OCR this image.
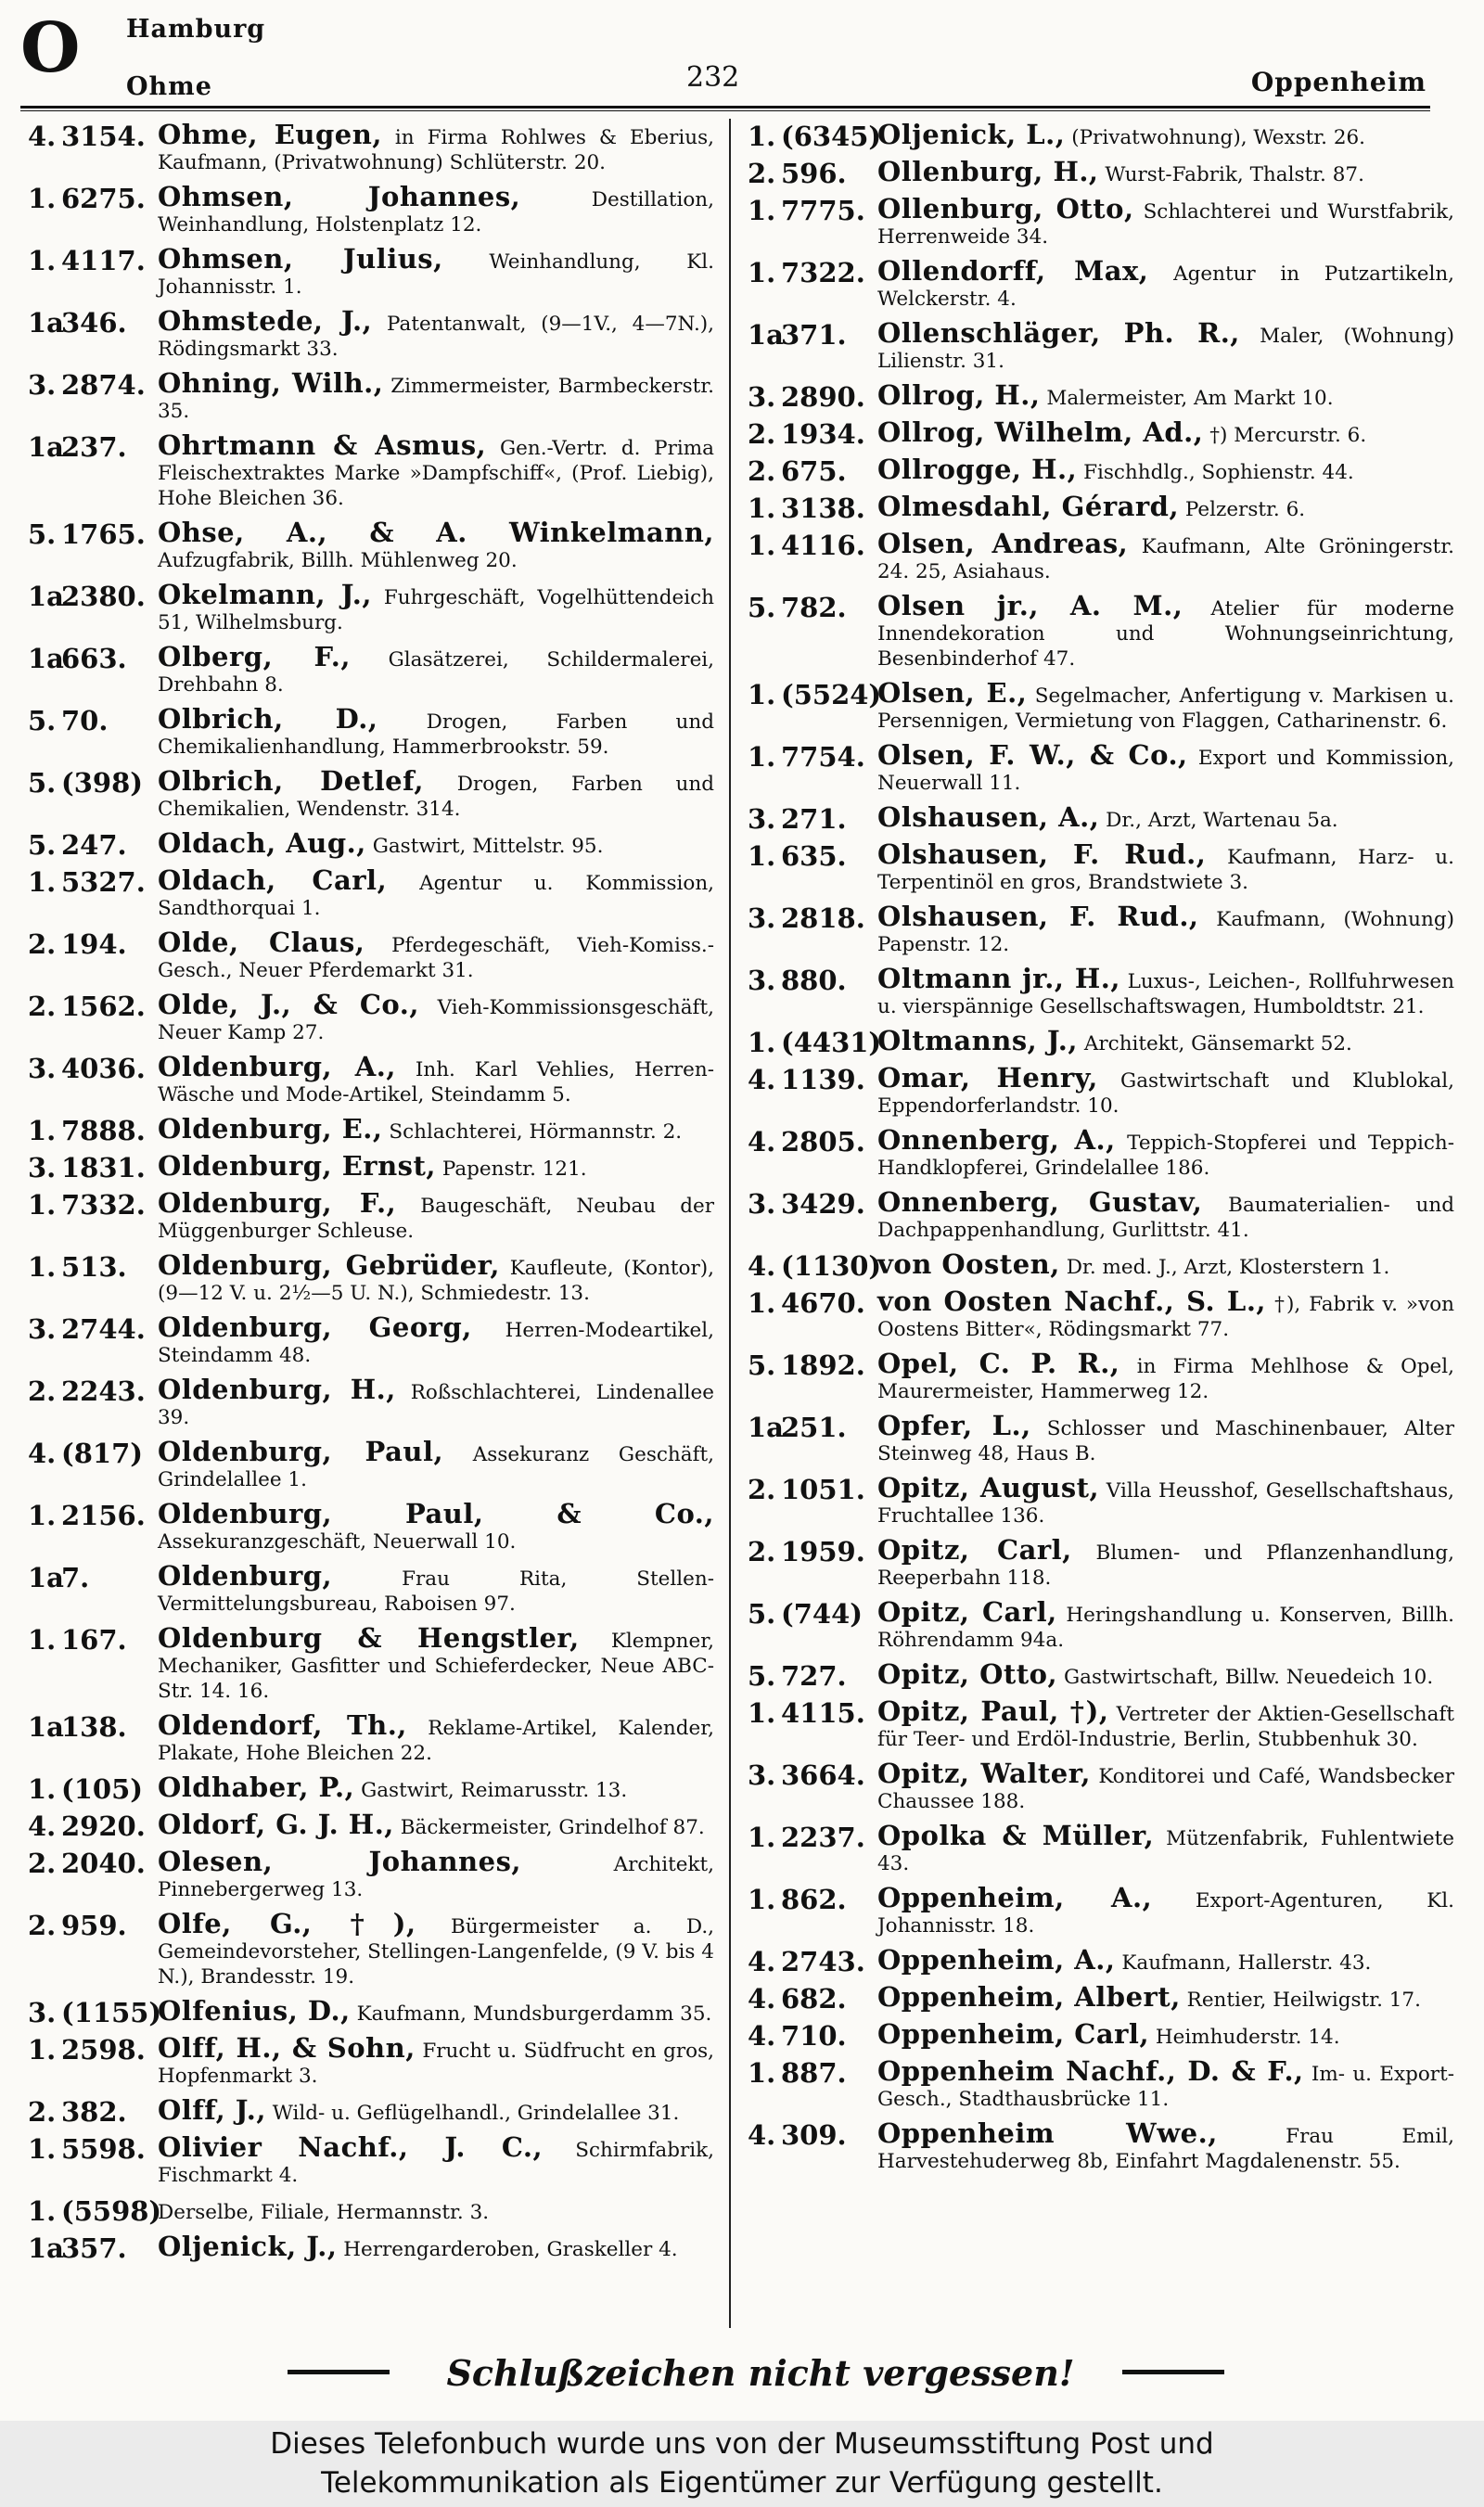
O	Hamburg
Ohme	232	Oppenheim
4. 3154. Ohme, Eugen, in Firma Rohlwes & Eberius, Kaufmann, (Privatwohnung) Schlüterstr. 20.
1. 6275. Ohmsen, Johannes,	Destillation, Weinhandlung, Holstenplatz 12.
1. 4117. Ohmsen, Julius, Weinhandlung, Kl. Johannisstr. 1.
1a346.	Ohmstede, J., Patentanwalt, (9—1V., 4—7N.), Rödingsmarkt 33.
3. 2874. Ohning, Wilh., Zimmermeister, Barmbeckerstr. 35.
1a237.	Ohrtmann & Asmus, Gen.-Vertr. d. Prima Fleischextraktes Marke »Dampfschiff«, (Prof. Liebig), Hohe Bleichen 36.
5. 1765. Ohse, A., & A. Winkelmann, Aufzugfabrik, Billh. Mühlenweg 20.
1a2380. Okelmann, J., Fuhrgeschäft, Vogelhüttendeich 51, Wilhelmsburg.
1a663.	Olberg, F., Glasätzerei, Schildermalerei, Drehbahn 8.
5. 70.	Olbrich, D., Drogen, Farben und Chemikalienhandlung, Hammerbrookstr. 59.
5. (398) Olbrich, Detlef, Drogen, Farben und Chemikalien, Wendenstr. 314.
5. 247.	Oldach, Aug., Gastwirt, Mittelstr. 95.
1. 5327. Oldach, Carl, Agentur u. Kommission, Sandthorquai 1.
2. 194.	Olde, Claus, Pferdegeschäft, Vieh-Komiss.-Gesch., Neuer Pferdemarkt 31.
2. 1562. Olde, J., & Co., Vieh-Kommissionsgeschäft, Neuer Kamp 27.
3. 4036. Oldenburg, A., Inh. Karl Vehlies, Herren-Wäsche und Mode-Artikel, Steindamm 5.
1. 7888. Oldenburg, E., Schlachterei, Hörmannstr. 2.
3. 1831. Oldenburg, Ernst, Papenstr. 121.
1. 7332. Oldenburg, F., Baugeschäft, Neubau der Müggenburger Schleuse.
1. 513.	Oldenburg, Gebrüder, Kaufleute, (Kontor), (9—12 V. u. 2½—5 U. N.), Schmiedestr. 13.
3. 2744. Oldenburg, Georg, Herren-Modeartikel, Steindamm 48.
2. 2243. Oldenburg, H., Roßschlachterei, Lindenallee 39.
4. (817) Oldenburg, Paul, Assekuranz Geschäft, Grindelallee 1.
1. 2156. Oldenburg, Paul, & Co., Assekuranzgeschäft, Neuerwall 10.
1a7.	Oldenburg,	Frau Rita, Stellen-Vermittelungsbureau, Raboisen 97.
1. 167.	Oldenburg & Hengstler, Klempner, Mechaniker, Gasfitter und Schieferdecker, Neue ABC-Str. 14. 16.
1a138.	Oldendorf, Th., Reklame-Artikel, Kalender, Plakate, Hohe Bleichen 22.
1. (105) Oldhaber, P., Gastwirt, Reimarusstr. 13.
4. 2920. Oldorf, G. J. H., Bäckermeister, Grindelhof 87.
2. 2040. Olesen, Johannes,	Architekt, Pinnebergerweg 13.
2. 959.	Olfe, G., †), Bürgermeister a. D., Gemeindevorsteher, Stellingen-Langenfelde, (9 V. bis 4 N.), Brandesstr. 19.
3. (1155)
Olfenius, D., Kaufmann, Mundsburgerdamm 35.
1. 2598. Olff, H., & Sohn, Frucht u. Südfrucht en gros, Hopfenmarkt 3.
2. 382.	Olff, J., Wild- u. Geflügelhandl., Grindelallee 31.
1. 5598. Olivier Nachf., J. C., Schirmfabrik, Fischmarkt 4.
1. (5598)
Derselbe, Filiale, Hermannstr. 3.
1a357.	Oljenick, J., Herrengarderoben, Graskeller 4.
1. (6345)
Oljenick, L., (Privatwohnung), Wexstr. 26.
2. 596.	Ollenburg, H., Wurst-Fabrik, Thalstr. 87.
1. 7775. Ollenburg, Otto, Schlachterei und Wurstfabrik, Herrenweide 34.
1. 7322. Ollendorff, Max, Agentur in Putzartikeln, Welckerstr. 4.
1a371.	Ollenschläger, Ph. R., Maler, (Wohnung) Lilienstr. 31.
3. 2890. Ollrog, H., Malermeister, Am Markt 10.
2. 1934. Ollrog, Wilhelm, Ad., †) Mercurstr. 6.
2. 675.	Ollrogge, H., Fischhdlg., Sophienstr. 44.
1. 3138. Olmesdahl, Gérard, Pelzerstr. 6.
1. 4116. Olsen, Andreas, Kaufmann, Alte Gröningerstr. 24. 25, Asiahaus.
5. 782.	Olsen jr., A. M., Atelier für moderne Innendekoration und Wohnungseinrichtung, Besenbinderhof 47.
1. (5524)
Olsen, E., Segelmacher, Anfertigung v. Markisen u. Persennigen, Vermietung von Flaggen, Catharinenstr. 6.
1. 7754. Olsen, F. W., & Co., Export und Kommission, Neuerwall 11.
3. 271.	Olshausen, A., Dr., Arzt, Wartenau 5a.
1. 635.	Olshausen, F. Rud., Kaufmann, Harz- u. Terpentinöl en gros, Brandstwiete 3.
3. 2818. Olshausen, F. Rud., Kaufmann, (Wohnung) Papenstr. 12.
3. 880.	Oltmann jr., H., Luxus-, Leichen-, Rollfuhrwesen u. vierspännige Gesellschaftswagen, Humboldtstr. 21.
1. (4431)
Oltmanns, J., Architekt, Gänsemarkt 52.
4. 1139. Omar, Henry, Gastwirtschaft und Klublokal, Eppendorferlandstr. 10.
4. 2805. Onnenberg, A., Teppich-Stopferei und Teppich-Handklopferei, Grindelallee 186.
3. 3429. Onnenberg, Gustav, Baumaterialien- und Dachpappenhandlung, Gurlittstr. 41.
4. (1130)
von Oosten, Dr. med. J., Arzt, Klosterstern 1.
1. 4670. von Oosten Nachf., S. L., †), Fabrik v. »von Oostens Bitter«, Rödingsmarkt 77.
5. 1892. Opel, C. P. R., in Firma Mehlhose & Opel, Maurermeister, Hammerweg 12.
1a251.	Opfer, L., Schlosser und Maschinenbauer, Alter Steinweg 48, Haus B.
2. 1051. Opitz, August, Villa Heusshof, Gesellschaftshaus, Fruchtallee 136.
2. 1959. Opitz, Carl, Blumen- und Pflanzenhandlung, Reeperbahn 118.
5. (744) Opitz, Carl, Heringshandlung u. Konserven, Billh. Röhrendamm 94a.
5. 727.	Opitz, Otto, Gastwirtschaft, Billw. Neuedeich 10.
1. 4115. Opitz, Paul, †), Vertreter der Aktien-Gesellschaft für Teer- und Erdöl-Industrie, Berlin, Stubbenhuk 30.
3. 3664. Opitz, Walter, Konditorei und Café, Wandsbecker Chaussee 188.
1. 2237. Opolka & Müller, Mützenfabrik, Fuhlentwiete 43.
1. 862.	Oppenheim, A., Export-Agenturen, Kl. Johannisstr. 18.
4. 2743. Oppenheim, A., Kaufmann, Hallerstr. 43.
4. 682.	Oppenheim, Albert, Rentier, Heilwigstr. 17.
4. 710.	Oppenheim, Carl, Heimhuderstr. 14.
1. 887.	Oppenheim Nachf., D. & F., Im- u. Export-Gesch., Stadthausbrücke 11.
4. 309.	Oppenheim Wwe.,	Frau Emil, Harvestehuderweg 8b, Einfahrt Magdalenenstr. 55.
Schlußzeichen nicht vergessen!
Dieses Telefonbuch wurde uns von der Museumsstiftung Post und
Telekommunikation als Eigentümer zur Verfügung gestellt.
